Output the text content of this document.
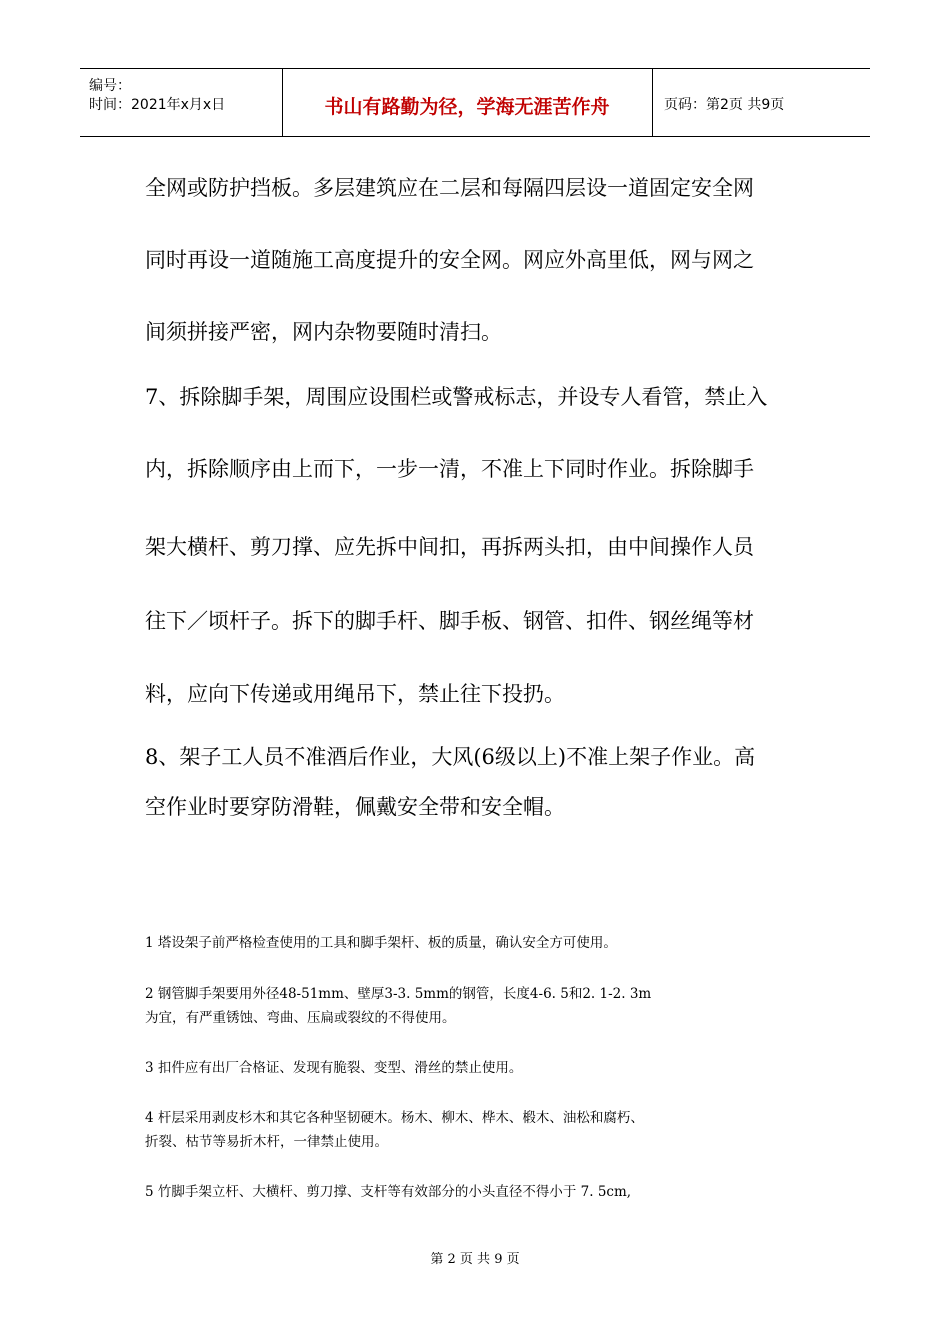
编号：
时间：2021年x月x日	书山有路勤为径，学海无涯苦作舟	页码：第2页 共9页
全网或防护挡板。多层建筑应在二层和每隔四层设一道固定安全网
同时再设一道随施工高度提升的安全网。网应外高里低，网与网之
间须拼接严密，网内杂物要随时清扫。
7、拆除脚手架，周围应设围栏或警戒标志，并设专人看管，禁止入
内，拆除顺序由上而下，一步一清，不准上下同时作业。拆除脚手
架大横杆、剪刀撑、应先拆中间扣，再拆两头扣，由中间操作人员
往下／顷杆子。拆下的脚手杆、脚手板、钢管、扣件、钢丝绳等材
料，应向下传递或用绳吊下，禁止往下投扔。
8、架子工人员不准酒后作业，大风(6级以上)不准上架子作业。高
空作业时要穿防滑鞋，佩戴安全带和安全帽。
1 塔设架子前严格检查使用的工具和脚手架杆、板的质量，确认安全方可使用。
2 钢管脚手架要用外径48-51mm、壁厚3-3. 5mm的钢管，长度4-6. 5和2. 1-2. 3m
为宜，有严重锈蚀、弯曲、压扁或裂纹的不得使用。
3 扣件应有出厂合格证、发现有脆裂、变型、滑丝的禁止使用。
4 杆层采用剥皮杉木和其它各种坚韧硬木。杨木、柳木、桦木、椴木、油松和腐朽、
折裂、枯节等易折木杆，一律禁止使用。
5 竹脚手架立杆、大横杆、剪刀撑、支杆等有效部分的小头直径不得小于 7. 5cm,
第 2 页 共 9 页
